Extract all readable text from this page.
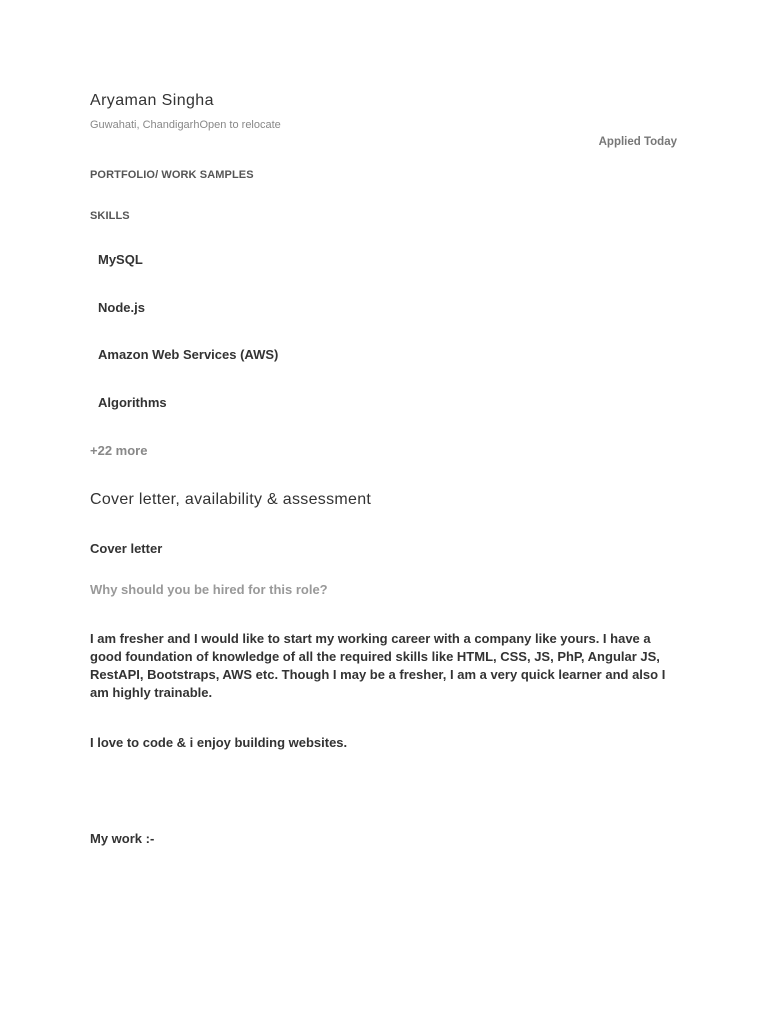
Aryaman Singha
Guwahati, ChandigarhOpen to relocate
Applied Today
PORTFOLIO/ WORK SAMPLES
SKILLS
MySQL
Node.js
Amazon Web Services (AWS)
Algorithms
+22 more
Cover letter, availability & assessment
Cover letter
Why should you be hired for this role?

I am fresher and I would like to start my working career with a company like yours. I have a good foundation of knowledge of all the required skills like HTML, CSS, JS, PhP, Angular JS, RestAPI, Bootstraps, AWS etc. Though I may be a fresher, I am a very quick learner and also I am highly trainable.

I love to code & i enjoy building websites.

My work :-
